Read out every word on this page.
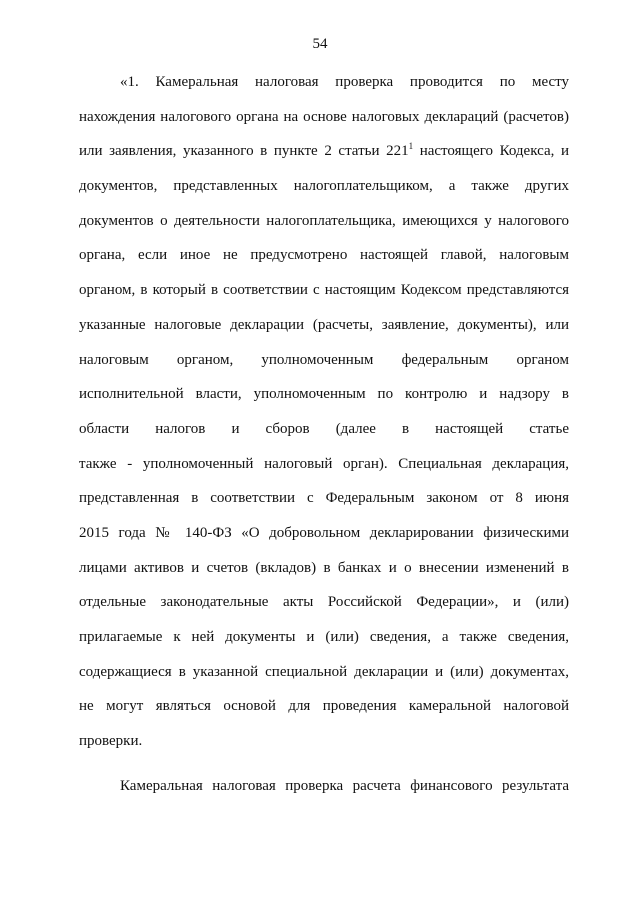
54
«1. Камеральная налоговая проверка проводится по месту
нахождения налогового органа на основе налоговых деклараций (расчетов)
или заявления, указанного в пункте 2 статьи $221^1$ настоящего Кодекса, и
документов, представленных налогоплательщиком, а также других
документов о деятельности налогоплательщика, имеющихся у налогового
органа, если иное не предусмотрено настоящей главой, налоговым
органом, в который в соответствии с настоящим Кодексом представляются
указанные налоговые декларации (расчеты, заявление, документы), или
налоговым органом, уполномоченным федеральным органом
исполнительной власти, уполномоченным по контролю и надзору в
области налогов и сборов (далее в настоящей статье
также - уполномоченный налоговый орган). Специальная декларация,
представленная в соответствии с Федеральным законом от 8 июня
2015 года № 140-ФЗ «О добровольном декларировании физическими
лицами активов и счетов (вкладов) в банках и о внесении изменений в
отдельные законодательные акты Российской Федерации», и (или)
прилагаемые к ней документы и (или) сведения, а также сведения,
содержащиеся в указанной специальной декларации и (или) документах,
не могут являться основой для проведения камеральной налоговой
проверки.
Камеральная налоговая проверка расчета финансового результата
